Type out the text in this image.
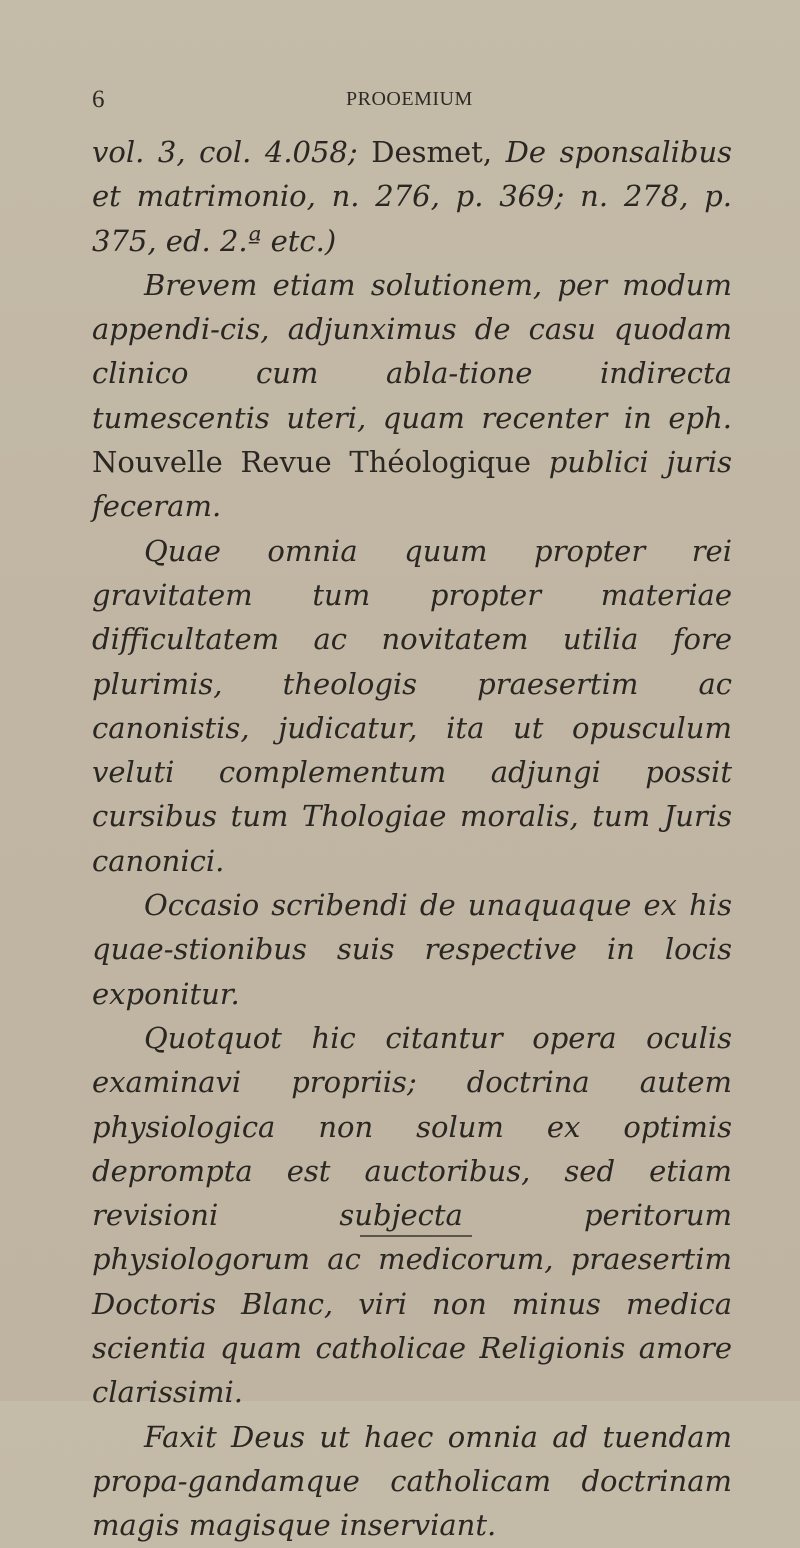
6	PROOEMIUM

vol. 3, col. 4.058; Desmet, De sponsalibus et matrimonio, n. 276, p. 369; n. 278, p. 375, ed. 2.ª etc.)

Brevem etiam solutionem, per modum appendi-cis, adjunximus de casu quodam clinico cum abla-tione indirecta tumescentis uteri, quam recenter in eph. Nouvelle Revue Théologique publici juris feceram.

Quae omnia quum propter rei gravitatem tum propter materiae difficultatem ac novitatem utilia fore plurimis, theologis praesertim ac canonistis, judicatur, ita ut opusculum veluti complementum adjungi possit cursibus tum Thologiae moralis, tum Juris canonici.

Occasio scribendi de unaquaque ex his quae-stionibus suis respective in locis exponitur.

Quotquot hic citantur opera oculis examinavi propriis; doctrina autem physiologica non solum ex optimis deprompta est auctoribus, sed etiam revisioni subjecta peritorum physiologorum ac medicorum, praesertim Doctoris Blanc, viri non minus medica scientia quam catholicae Religionis amore clarissimi.

Faxit Deus ut haec omnia ad tuendam propa-gandamque catholicam doctrinam magis magisque inserviant.
